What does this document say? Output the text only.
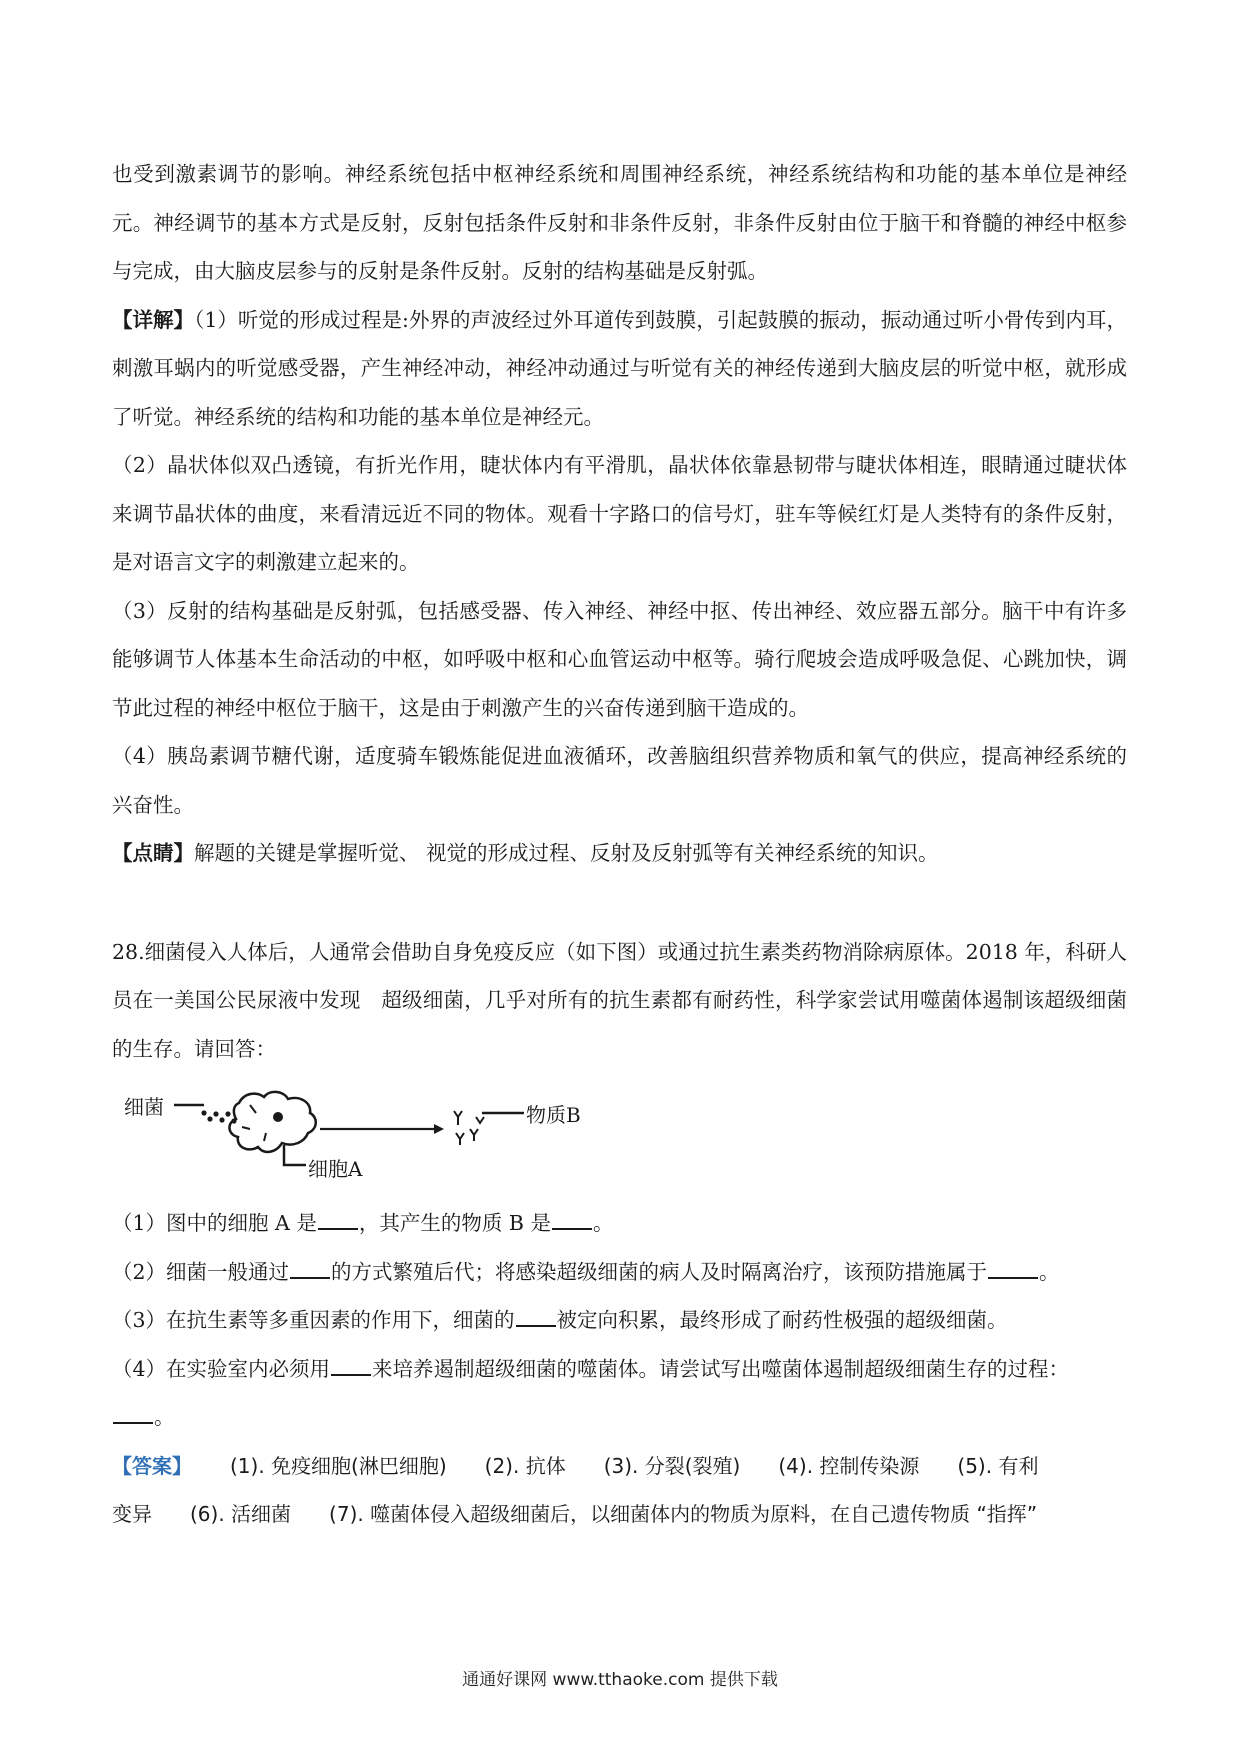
也受到激素调节的影响。神经系统包括中枢神经系统和周围神经系统，神经系统结构和功能的基本单位是神经元。神经调节的基本方式是反射，反射包括条件反射和非条件反射，非条件反射由位于脑干和脊髓的神经中枢参与完成，由大脑皮层参与的反射是条件反射。反射的结构基础是反射弧。

【详解】（1）听觉的形成过程是:外界的声波经过外耳道传到鼓膜，引起鼓膜的振动，振动通过听小骨传到内耳，刺激耳蜗内的听觉感受器，产生神经冲动，神经冲动通过与听觉有关的神经传递到大脑皮层的听觉中枢，就形成了听觉。神经系统的结构和功能的基本单位是神经元。

（2）晶状体似双凸透镜，有折光作用，睫状体内有平滑肌，晶状体依靠悬韧带与睫状体相连，眼睛通过睫状体来调节晶状体的曲度，来看清远近不同的物体。观看十字路口的信号灯，驻车等候红灯是人类特有的条件反射，是对语言文字的刺激建立起来的。

（3）反射的结构基础是反射弧，包括感受器、传入神经、神经中抠、传出神经、效应器五部分。脑干中有许多能够调节人体基本生命活动的中枢，如呼吸中枢和心血管运动中枢等。骑行爬坡会造成呼吸急促、心跳加快，调节此过程的神经中枢位于脑干，这是由于刺激产生的兴奋传递到脑干造成的。

（4）胰岛素调节糖代谢，适度骑车锻炼能促进血液循环，改善脑组织营养物质和氧气的供应，提高神经系统的兴奋性。

【点睛】解题的关键是掌握听觉、 视觉的形成过程、反射及反射弧等有关神经系统的知识。

28.细菌侵入人体后，人通常会借助自身免疫反应（如下图）或通过抗生素类药物消除病原体。2018 年，科研人员在一美国公民尿液中发现　超级细菌，几乎对所有的抗生素都有耐药性，科学家尝试用噬菌体遏制该超级细菌的生存。请回答：

细菌	物质B
细胞A

（1）图中的细胞 A 是 ，其产生的物质 B 是 。

（2）细菌一般通过 的方式繁殖后代；将感染超级细菌的病人及时隔离治疗，该预防措施属于	。

（3）在抗生素等多重因素的作用下，细菌的 被定向积累，最终形成了耐药性极强的超级细菌。

（4）在实验室内必须用 来培养遏制超级细菌的噬菌体。请尝试写出噬菌体遏制超级细菌生存的过程：

。

【答案】 (1). 免疫细胞(淋巴细胞) (2). 抗体 (3). 分裂(裂殖) (4). 控制传染源 (5). 有利

变异 (6). 活细菌 (7). 噬菌体侵入超级细菌后，以细菌体内的物质为原料，在自己遗传物质 “指挥”

通通好课网 www.tthaoke.com 提供下载
